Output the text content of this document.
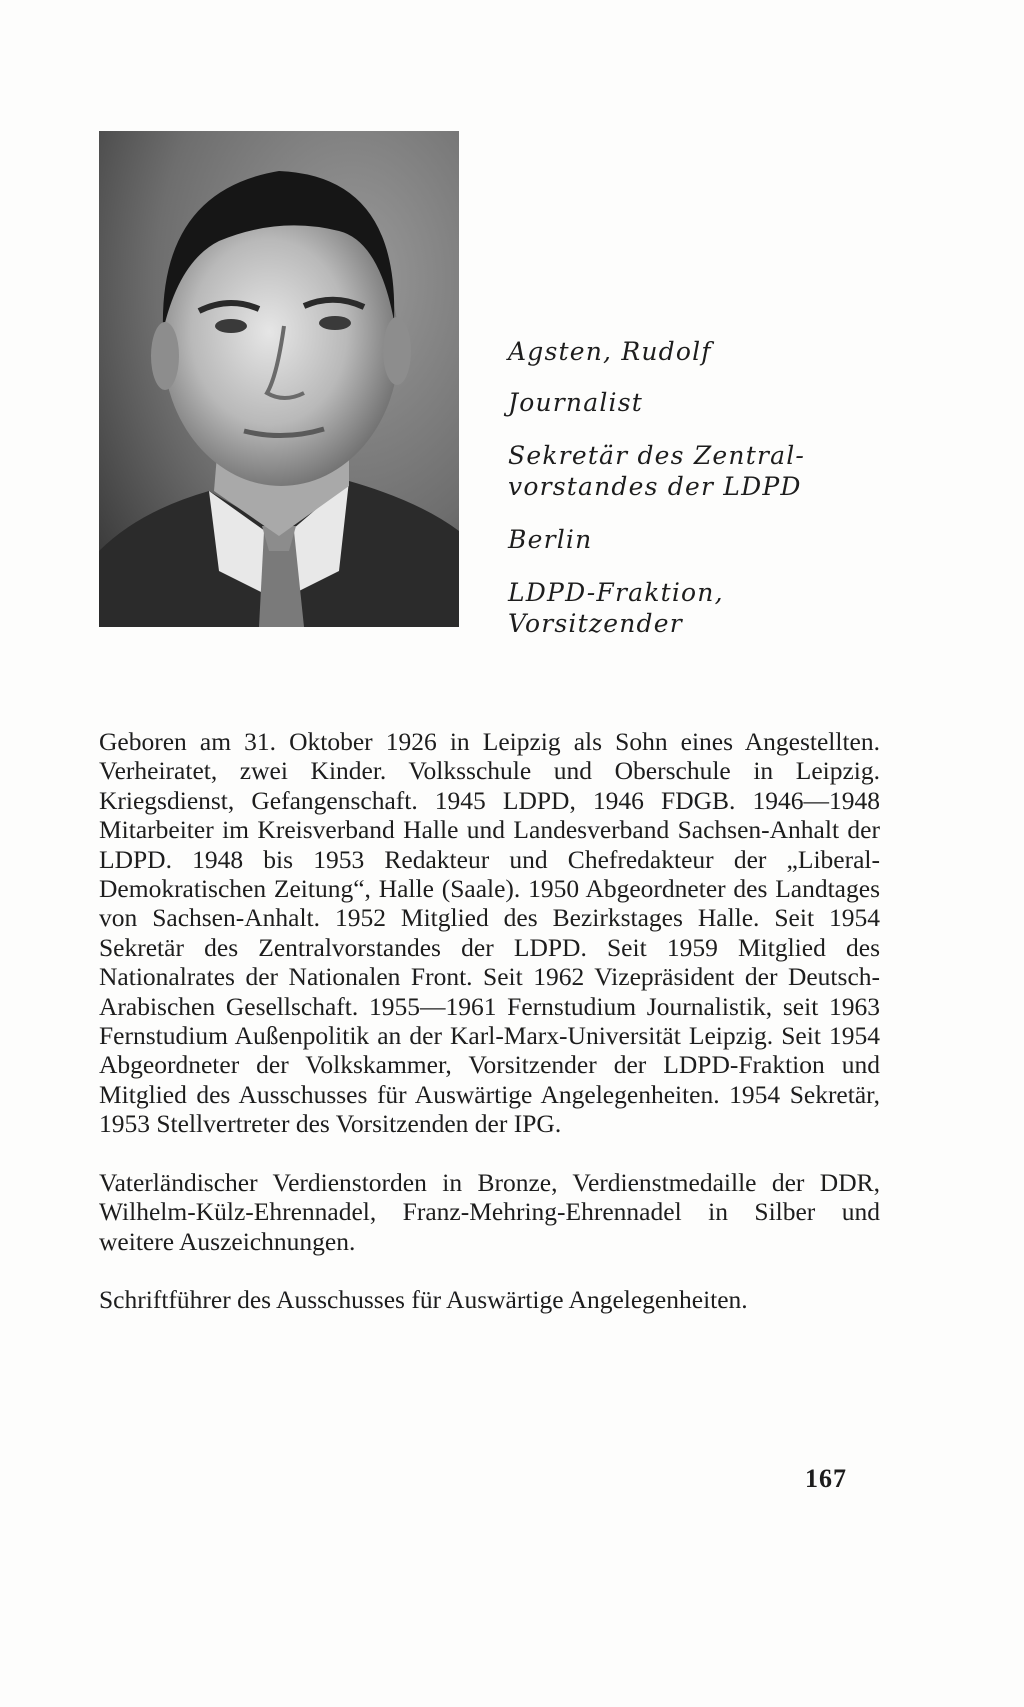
Agsten, Rudolf
Journalist
Sekretär des Zentral-
vorstandes der LDPD
Berlin
LDPD-Fraktion,
Vorsitzender

Geboren am 31. Oktober 1926 in Leipzig als Sohn eines Angestellten. Verheiratet, zwei Kinder. Volksschule und Oberschule in Leipzig. Kriegsdienst, Gefangenschaft. 1945 LDPD, 1946 FDGB. 1946—1948 Mitarbeiter im Kreisverband Halle und Landesverband Sachsen-Anhalt der LDPD. 1948 bis 1953 Redakteur und Chefredakteur der „Liberal-Demokratischen Zeitung“, Halle (Saale). 1950 Abgeordneter des Landtages von Sachsen-Anhalt. 1952 Mitglied des Bezirkstages Halle. Seit 1954 Sekretär des Zentralvorstandes der LDPD. Seit 1959 Mitglied des Nationalrates der Nationalen Front. Seit 1962 Vizepräsident der Deutsch-Arabischen Gesellschaft. 1955—1961 Fernstudium Journalistik, seit 1963 Fernstudium Außenpolitik an der Karl-Marx-Universität Leipzig. Seit 1954 Abgeordneter der Volkskammer, Vorsitzender der LDPD-Fraktion und Mitglied des Ausschusses für Auswärtige Angelegenheiten. 1954 Sekretär, 1953 Stellvertreter des Vorsitzenden der IPG.

Vaterländischer Verdienstorden in Bronze, Verdienstmedaille der DDR, Wilhelm-Külz-Ehrennadel, Franz-Mehring-Ehrennadel in Silber und weitere Auszeichnungen.

Schriftführer des Ausschusses für Auswärtige Angelegenheiten.

167
